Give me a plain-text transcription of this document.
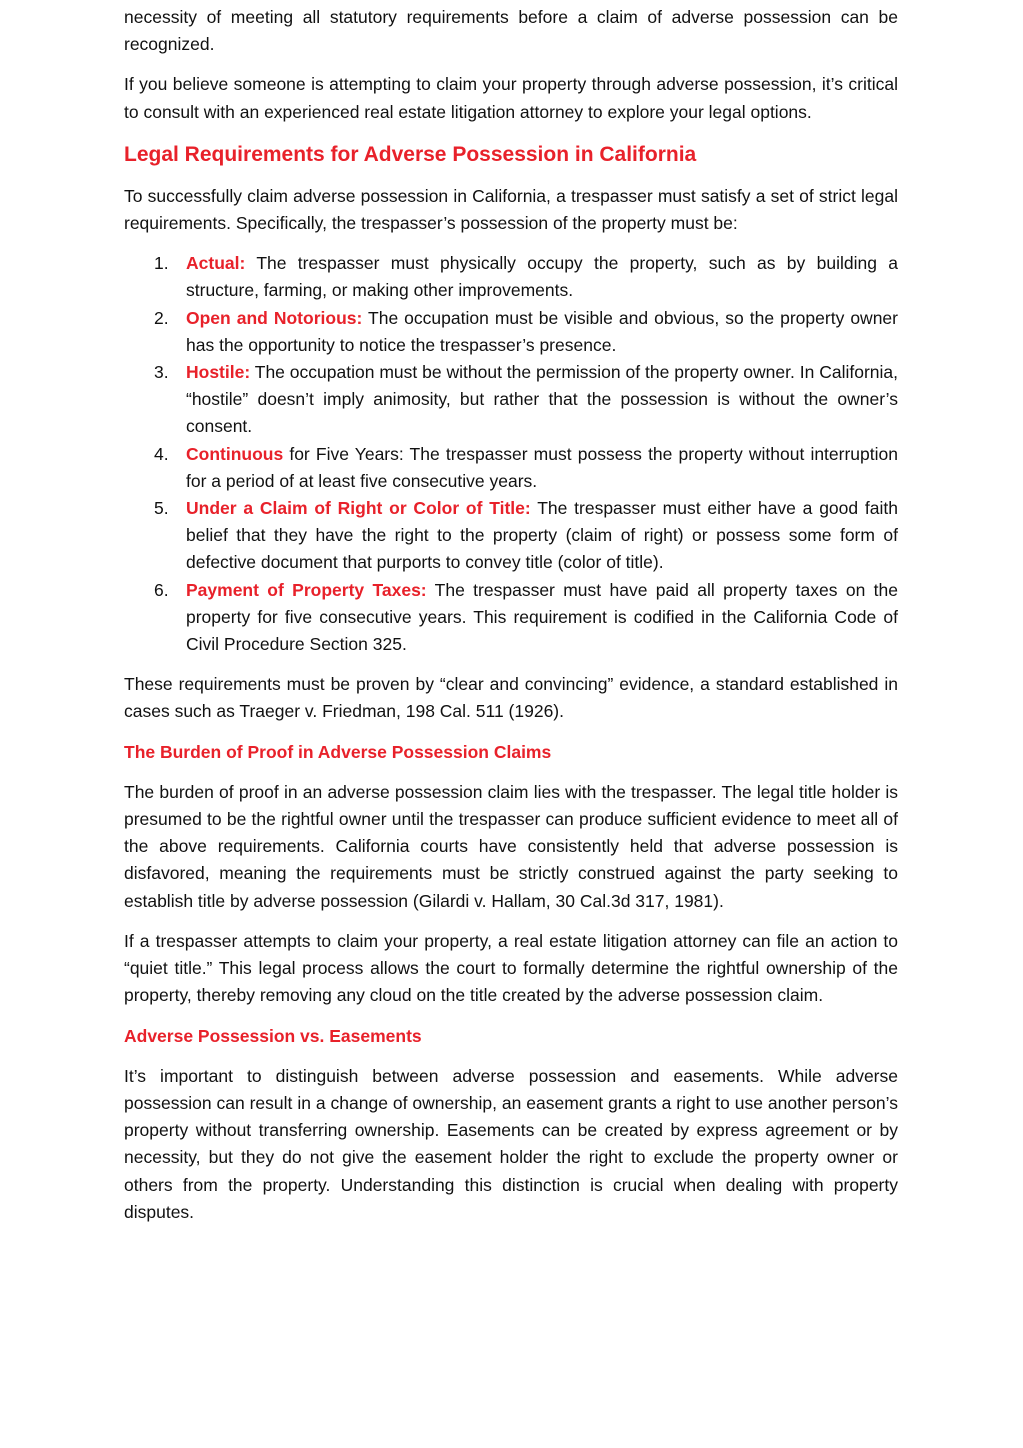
necessity of meeting all statutory requirements before a claim of adverse possession can be recognized.

If you believe someone is attempting to claim your property through adverse possession, it’s critical to consult with an experienced real estate litigation attorney to explore your legal options.

Legal Requirements for Adverse Possession in California

To successfully claim adverse possession in California, a trespasser must satisfy a set of strict legal requirements. Specifically, the trespasser’s possession of the property must be:

1. Actual: The trespasser must physically occupy the property, such as by building a structure, farming, or making other improvements.
2. Open and Notorious: The occupation must be visible and obvious, so the property owner has the opportunity to notice the trespasser’s presence.
3. Hostile: The occupation must be without the permission of the property owner. In California, “hostile” doesn’t imply animosity, but rather that the possession is without the owner’s consent.
4. Continuous for Five Years: The trespasser must possess the property without interruption for a period of at least five consecutive years.
5. Under a Claim of Right or Color of Title: The trespasser must either have a good faith belief that they have the right to the property (claim of right) or possess some form of defective document that purports to convey title (color of title).
6. Payment of Property Taxes: The trespasser must have paid all property taxes on the property for five consecutive years. This requirement is codified in the California Code of Civil Procedure Section 325.

These requirements must be proven by “clear and convincing” evidence, a standard established in cases such as Traeger v. Friedman, 198 Cal. 511 (1926).

The Burden of Proof in Adverse Possession Claims

The burden of proof in an adverse possession claim lies with the trespasser. The legal title holder is presumed to be the rightful owner until the trespasser can produce sufficient evidence to meet all of the above requirements. California courts have consistently held that adverse possession is disfavored, meaning the requirements must be strictly construed against the party seeking to establish title by adverse possession (Gilardi v. Hallam, 30 Cal.3d 317, 1981).

If a trespasser attempts to claim your property, a real estate litigation attorney can file an action to “quiet title.” This legal process allows the court to formally determine the rightful ownership of the property, thereby removing any cloud on the title created by the adverse possession claim.

Adverse Possession vs. Easements

It’s important to distinguish between adverse possession and easements. While adverse possession can result in a change of ownership, an easement grants a right to use another person’s property without transferring ownership. Easements can be created by express agreement or by necessity, but they do not give the easement holder the right to exclude the property owner or others from the property. Understanding this distinction is crucial when dealing with property disputes.
